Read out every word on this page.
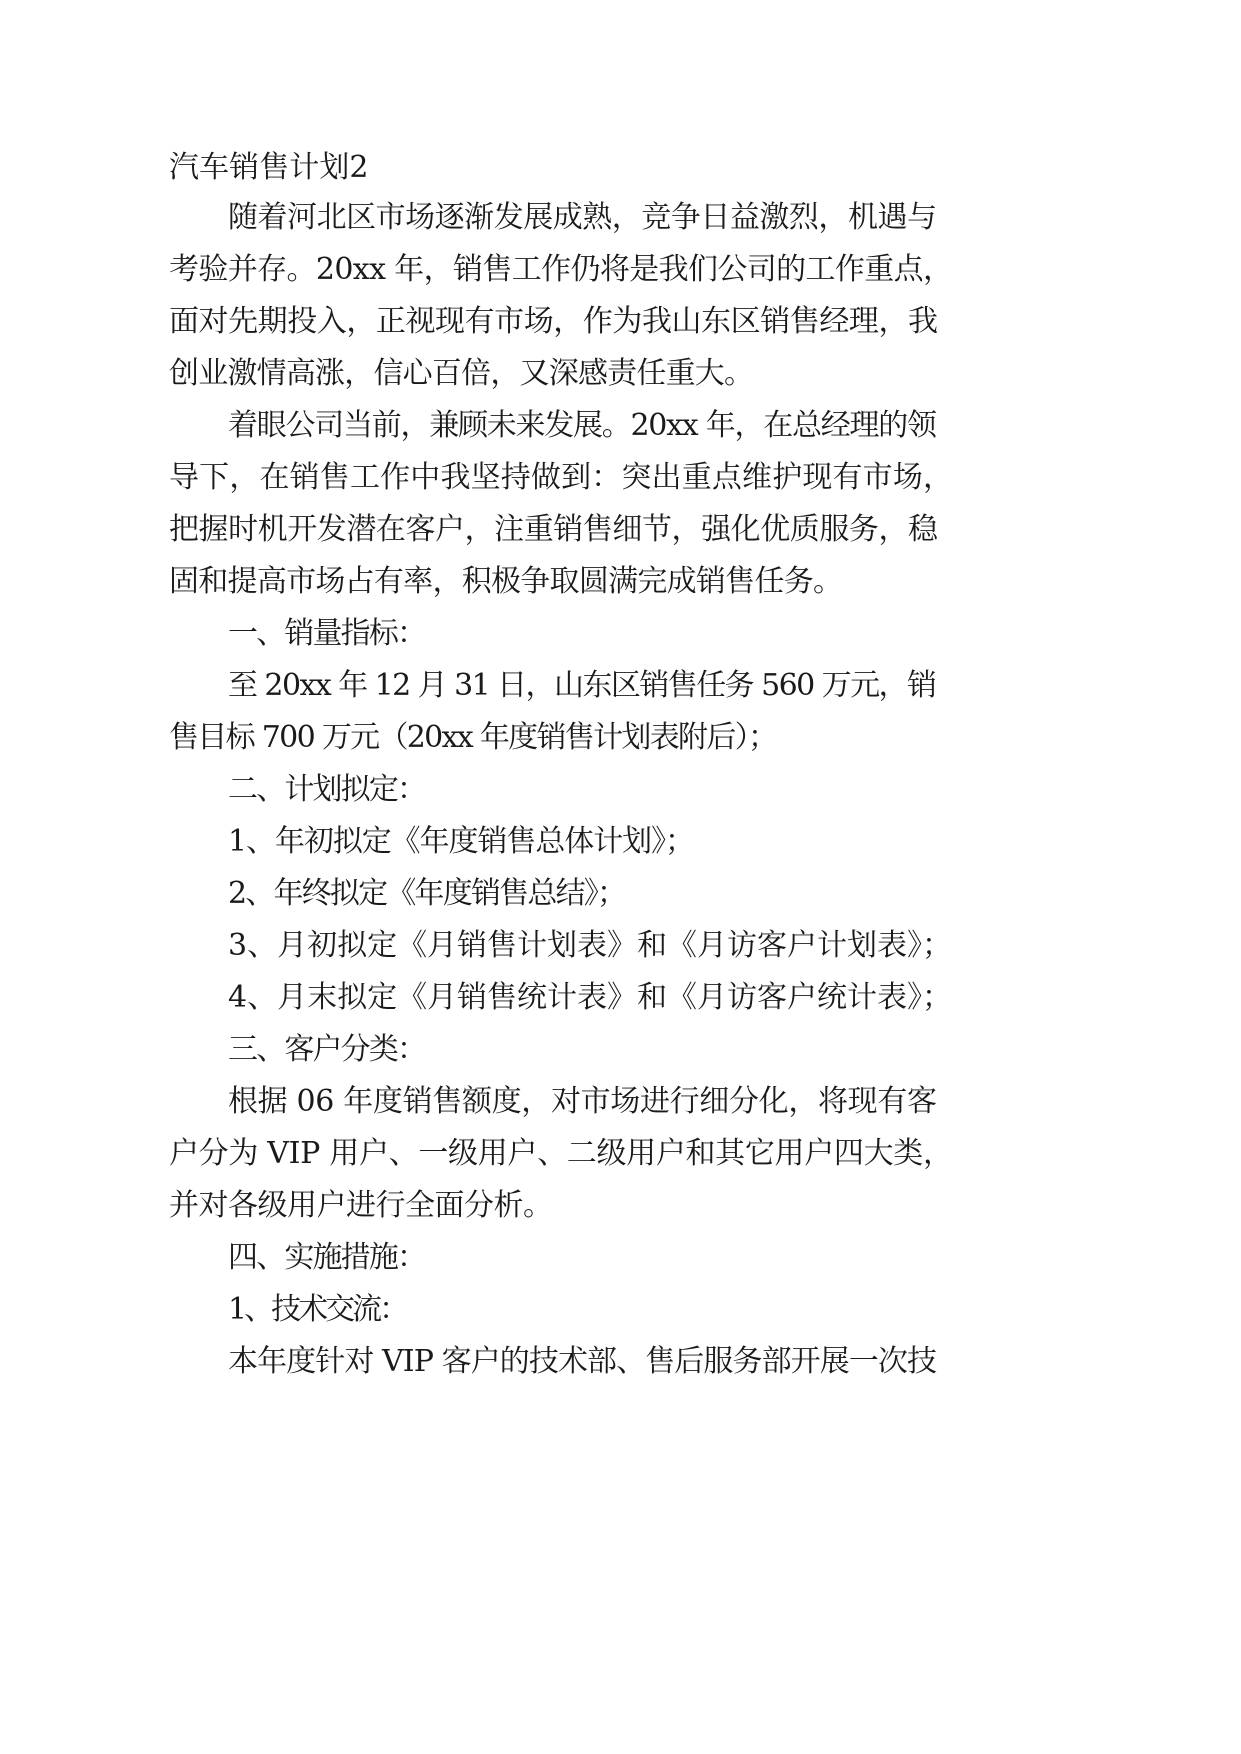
汽车销售计划2
随着河北区市场逐渐发展成熟，竞争日益激烈，机遇与
考验并存。20xx 年，销售工作仍将是我们公司的工作重点，
面对先期投入，正视现有市场，作为我山东区销售经理，我
创业激情高涨，信心百倍，又深感责任重大。
着眼公司当前，兼顾未来发展。20xx 年，在总经理的领
导下，在销售工作中我坚持做到：突出重点维护现有市场，
把握时机开发潜在客户，注重销售细节，强化优质服务，稳
固和提高市场占有率，积极争取圆满完成销售任务。
一、销量指标：
至 20xx 年 12 月 31 日，山东区销售任务 560 万元，销
售目标 700 万元（20xx 年度销售计划表附后）；
二、计划拟定：
1、年初拟定《年度销售总体计划》；
2、年终拟定《年度销售总结》；
3、月初拟定《月销售计划表》和《月访客户计划表》；
4、月末拟定《月销售统计表》和《月访客户统计表》；
三、客户分类：
根据 06 年度销售额度，对市场进行细分化，将现有客
户分为 VIP 用户、一级用户、二级用户和其它用户四大类，
并对各级用户进行全面分析。
四、实施措施：
1、技术交流：
本年度针对 VIP 客户的技术部、售后服务部开展一次技
